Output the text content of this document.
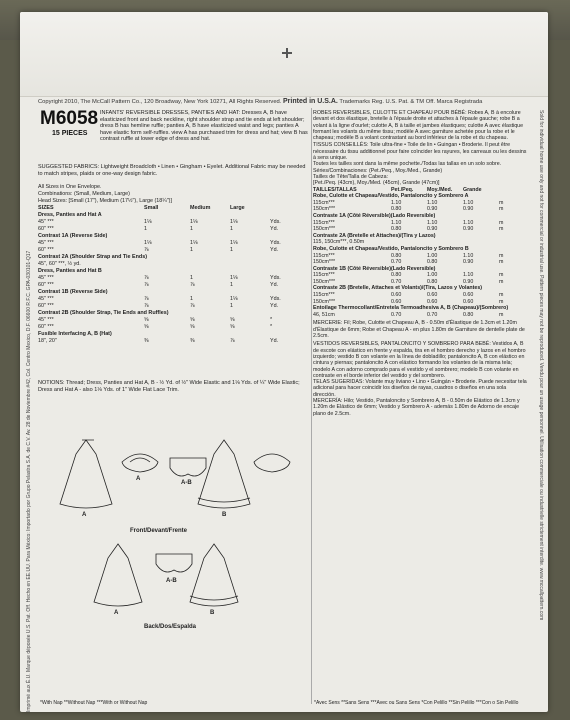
Copyright 2010, The McCall Pattern Co., 120 Broadway, New York 10271, All Rights Reserved. Printed in U.S.A. Trademarks Reg. U.S. Pat. & TM Off. Marca Registrada
Imprimé aux É.U. Marque déposée U.S. Pat. Off. Hecho en EE.UU. Para México: Importado por Grupo Pelastra S.A. de C.V. Av. 28 de Noviembre #42, Col. Centro Mexico, D.F. 06600 R.F.C. GPA-030101-Q17	Sold for individual home use only and not for commercial or industrial use. Pattern pieces may not be reproduced. Vendu pour un usage personnel. Utilisation commerciale ou industrielle strictement interdite. www.mccallpattern.com
M6058
15 PIECES
INFANTS' REVERSIBLE DRESSES, PANTIES AND HAT: Dresses A, B have elasticized front and back neckline, right shoulder strap and tie ends at left shoulder; dress B has hemline ruffle; panties A, B have elasticized waist and legs; panties A have elastic form self-ruffles. view A has purchased trim for dress and hat; view B has contrast ruffle at lower edge of dress and hat.
SUGGESTED FABRICS: Lightweight Broadcloth • Linen • Gingham • Eyelet. Additional Fabric may be needed to match stripes, plaids or one-way design fabric.
All Sizes in One Envelope.
Combinations: (Small, Medium, Large)
Head Sizes: [Small (17"), Medium (17½"), Large (18¼")]
SIZES	Small	Medium	Large
Dress, Panties and Hat A
45" ***	1⅛	1⅛	1⅛	Yds.
60" ***	1	1	1	Yd.
Contrast 1A (Reverse Side)
45" ***	1⅛	1⅛	1⅛	Yds.
60" ***	⅞	1	1	Yd.
Contrast 2A (Shoulder Strap and Tie Ends)
45", 60" ***, ½ yd.
Dress, Panties and Hat B
45" ***	⅞	1	1⅛	Yds.
60" ***	⅞	⅞	1	Yd.
Contrast 1B (Reverse Side)
45" ***	⅞	1	1⅛	Yds.
60" ***	⅞	⅞	1	Yd.
Contrast 2B (Shoulder Strap, Tie Ends and Ruffles)
45" ***	⅝	⅝	⅝	*
60" ***	⅝	⅝	⅝	*
Fusible Interfacing A, B (Hat)
18", 20"	⅜	⅜	⅞	Yd.
NOTIONS: Thread; Dress, Panties and Hat A, B - ½ Yd. of ½" Wide Elastic and 1⅛ Yds. of ¼" Wide Elastic; Dress and Hat A - also 1⅛ Yds. of 1" Wide Flat Lace Trim.
ROBES REVERSIBLES, CULOTTE ET CHAPEAU POUR BÉBÉ: Robes A, B à encolure devant et dos élastique, bretelle à l'épaule droite et attaches à l'épaule gauche; robe B a volant à la ligne d'ourlet; culotte A, B à taille et jambes élastiques; culotte A avec élastique formant les volants du même tissu; modèle A avec garniture achetée pour la robe et le chapeau; modèle B a volant contrastant au bord inférieur de la robe et du chapeau.
TISSUS CONSEILLÉS: Toile ultra-fine • Toile de lin • Guingan • Broderie. Il peut être nécessaire du tissu additionnel pour faire coïncider les rayures, les carreaux ou les dessins à sens unique.
Toutes les tailles sont dans la même pochette./Todas las tallas en un solo sobre.
Séries/Combinaciones: (Pet./Peq., Moy./Med., Grande)
Tailles de Tête/Talla de Cabeza:
[Pet./Peq. (43cm), Moy./Med. (45cm), Grande (47cm)]
TAILLES/TALLAS	Pet./Peq.	Moy./Med.	Grande
Robe, Culotte et Chapeau/Vestido, Pantaloncito y Sombrero A
115cm***	1.10	1.10	1.10	m
150cm***	0.80	0.90	0.90	m
Contraste 1A (Côté Réversible)(Lado Reversible)
115cm***	1.10	1.10	1.10	m
150cm***	0.80	0.90	0.90	m
Contraste 2A (Bretelle et Attaches)/(Tira y Lazos)
115, 150cm***, 0.50m
Robe, Culotte et Chapeau/Vestido, Pantaloncito y Sombrero B
115cm***	0.80	1.00	1.10	m
150cm***	0.70	0.80	0.90	m
Contraste 1B (Côté Réversible)(Lado Reversible)
115cm***	0.80	1.00	1.10	m
150cm***	0.70	0.80	0.90	m
Contraste 2B (Bretelle, Attaches et Volants)/(Tira, Lazos y Volantes)
115cm***	0.60	0.60	0.60	m
150cm***	0.60	0.60	0.60	m
Entoilage Thermocollant/Entretela Termoadhesiva A, B (Chapeau)/(Sombrero)
46, 51cm	0.70	0.70	0.80	m
MERCERIE: Fil; Robe, Culotte et Chapeau A, B - 0.50m d'Élastique de 1.3cm et 1.20m d'Élastique de 6mm; Robe et Chapeau A - en plus 1.80m de Garniture de dentelle plate de 2.5cm.
VESTIDOS REVERSIBLES, PANTALONCITO Y SOMBRERO PARA BEBÉ: Vestidos A, B de escote con elástico en frente y espalda, tira en el hombro derecho y lazos en el hombro izquierdo; vestido B con volante en la línea de dobladillo; pantaloncito A, B con elástico en cintura y piernas; pantaloncito A con elástico formando los volantes de la misma tela; modelo A con adorno comprado para el vestido y el sombrero; modelo B con volante en contraste en el borde inferior del vestido y del sombrero.
TELAS SUGERIDAS: Volante muy liviano • Lino • Guingán • Broderie. Puede necesitar tela adicional para hacer coincidir los diseños de rayas, cuadros o diseños en una sola dirección.
MERCERÍA: Hilo; Vestido, Pantaloncito y Sombrero A, B - 0.50m de Elástico de 1.3cm y 1.20m de Elástico de 6mm; Vestido y Sombrero A - además 1.80m de Adorno de encaje plano de 2.5cm.
A
A
A-B
B
Front/Devant/Frente
A
A-B
B
Back/Dos/Espalda
*With Nap **Without Nap ***With or Without Nap	*Avec Sens **Sans Sens ***Avec ou Sans Sens *Con Pelillo **Sin Pelillo ***Con o Sin Pelillo
